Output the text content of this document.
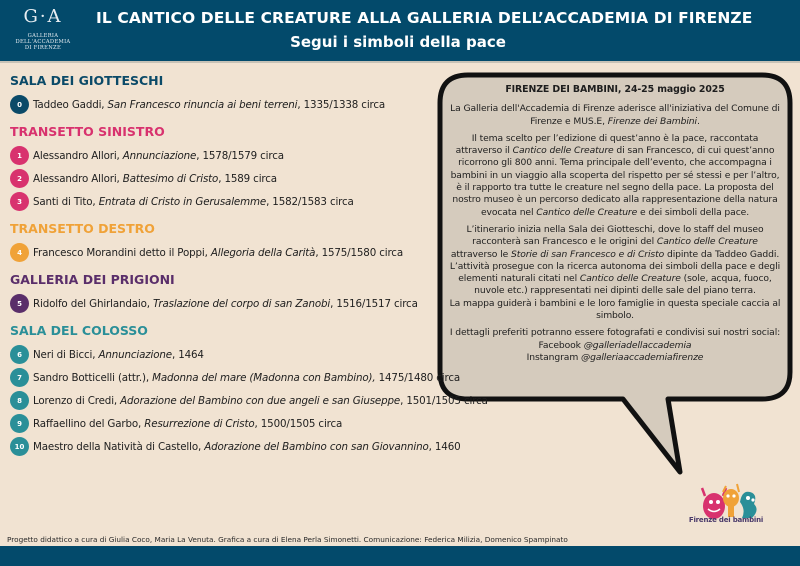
G·A
GALLERIA
DELL'ACCADEMIA
DI FIRENZE
IL CANTICO DELLE CREATURE ALLA GALLERIA DELL’ACCADEMIA DI FIRENZE
Segui i simboli della pace

FIRENZE DEI BAMBINI, 24-25 maggio 2025

La Galleria dell'Accademia di Firenze aderisce all'iniziativa del Comune di Firenze e MUS.E, Firenze dei Bambini.

Il tema scelto per l’edizione di quest’anno è la pace, raccontata attraverso il Cantico delle Creature di san Francesco, di cui quest’anno ricorrono gli 800 anni. Tema principale dell’evento, che accompagna i bambini in un viaggio alla scoperta del rispetto per sé stessi e per l’altro, è il rapporto tra tutte le creature nel segno della pace. La proposta del nostro museo è un percorso dedicato alla rappresentazione della natura evocata nel Cantico delle Creature e dei simboli della pace.

L’itinerario inizia nella Sala dei Giotteschi, dove lo staff del museo racconterà san Francesco e le origini del Cantico delle Creature attraverso le Storie di san Francesco e di Cristo dipinte da Taddeo Gaddi.

L’attività prosegue con la ricerca autonoma dei simboli della pace e degli elementi naturali citati nel Cantico delle Creature (sole, acqua, fuoco, nuvole etc.) rappresentati nei dipinti delle sale del piano terra.

La mappa guiderà i bambini e le loro famiglie in questa speciale caccia al simbolo.

I dettagli preferiti potranno essere fotografati e condivisi sui nostri social:

Facebook @galleriadellaccademia
Instangram @galleriaaccademiafirenze
SALA DEI GIOTTESCHI
0	Taddeo Gaddi, San Francesco rinuncia ai beni terreni, 1335/1338 circa
TRANSETTO SINISTRO
1	Alessandro Allori, Annunciazione, 1578/1579 circa
2	Alessandro Allori, Battesimo di Cristo, 1589 circa
3	Santi di Tito, Entrata di Cristo in Gerusalemme, 1582/1583 circa
TRANSETTO DESTRO
4	Francesco Morandini detto il Poppi, Allegoria della Carità, 1575/1580 circa
GALLERIA DEI PRIGIONI
5	Ridolfo del Ghirlandaio, Traslazione del corpo di san Zanobi, 1516/1517 circa
SALA DEL COLOSSO
6	Neri di Bicci, Annunciazione, 1464
7	Sandro Botticelli (attr.), Madonna del mare (Madonna con Bambino), 1475/1480 circa
8	Lorenzo di Credi, Adorazione del Bambino con due angeli e san Giuseppe, 1501/1505 circa
9	Raffaellino del Garbo, Resurrezione di Cristo, 1500/1505 circa
10 Maestro della Natività di Castello, Adorazione del Bambino con san Giovannino, 1460
Firenze dei bambini
Progetto didattico a cura di Giulia Coco, Maria La Venuta. Grafica a cura di Elena Perla Simonetti. Comunicazione: Federica Milizia, Domenico Spampinato
